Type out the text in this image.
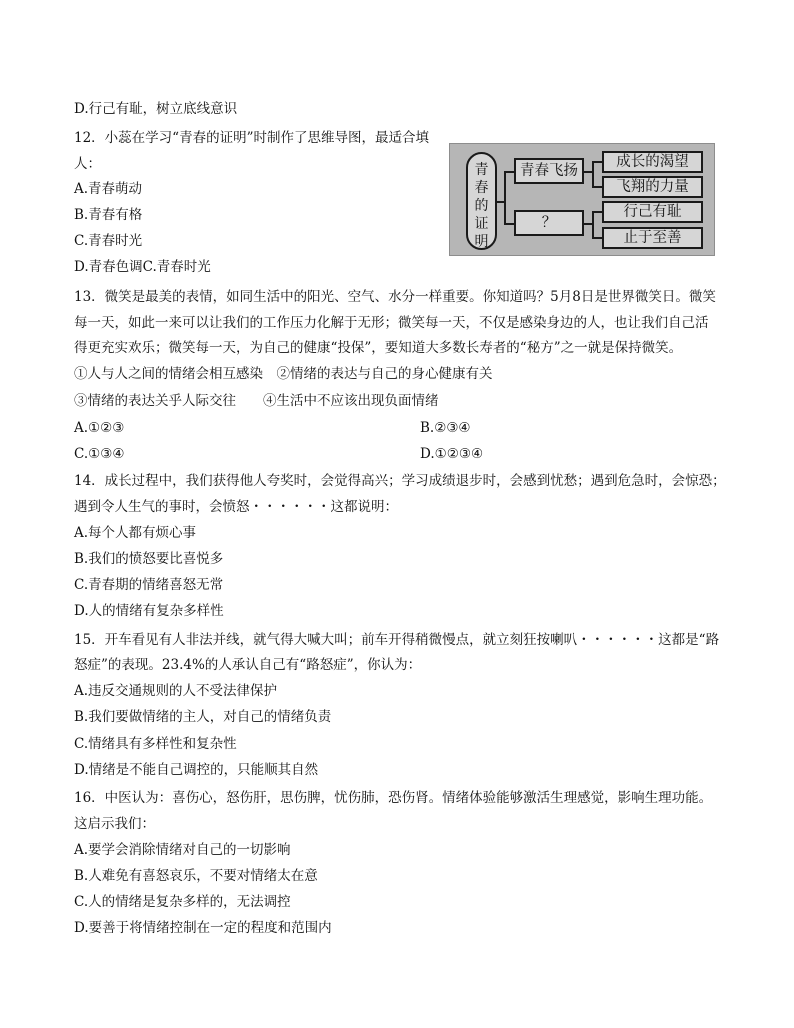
D.行己有耻，树立底线意识
12．小蕊在学习“青春的证明”时制作了思维导图，最适合填
人：
A.青春萌动
B.青春有格
C.青春时光
D.青春色调C.青春时光
青春的证明
青春飞扬
？
成长的渴望
飞翔的力量
行己有耻
止于至善
13．微笑是最美的表情，如同生活中的阳光、空气、水分一样重要。你知道吗？5月8日是世界微笑日。微笑
每一天，如此一来可以让我们的工作压力化解于无形；微笑每一天，不仅是感染身边的人，也让我们自己活
得更充实欢乐；微笑每一天，为自己的健康“投保”，要知道大多数长寿者的“秘方”之一就是保持微笑。
①人与人之间的情绪会相互感染　②情绪的表达与自己的身心健康有关
③情绪的表达关乎人际交往　　④生活中不应该出现负面情绪
A.①②③	B.②③④
C.①③④	D.①②③④
14．成长过程中，我们获得他人夸奖时，会觉得高兴；学习成绩退步时，会感到忧愁；遇到危急时，会惊恐；
遇到令人生气的事时，会愤怒・・・・・・这都说明：
A.每个人都有烦心事
B.我们的愤怒要比喜悦多
C.青春期的情绪喜怒无常
D.人的情绪有复杂多样性
15．开车看见有人非法并线，就气得大喊大叫；前车开得稍微慢点，就立刻狂按喇叭・・・・・・这都是“路
怒症”的表现。23.4%的人承认自己有“路怒症”，你认为：
A.违反交通规则的人不受法律保护
B.我们要做情绪的主人，对自己的情绪负责
C.情绪具有多样性和复杂性
D.情绪是不能自己调控的，只能顺其自然
16．中医认为：喜伤心，怒伤肝，思伤脾，忧伤肺，恐伤肾。情绪体验能够激活生理感觉，影响生理功能。
这启示我们：
A.要学会消除情绪对自己的一切影响
B.人难免有喜怒哀乐，不要对情绪太在意
C.人的情绪是复杂多样的，无法调控
D.要善于将情绪控制在一定的程度和范围内
